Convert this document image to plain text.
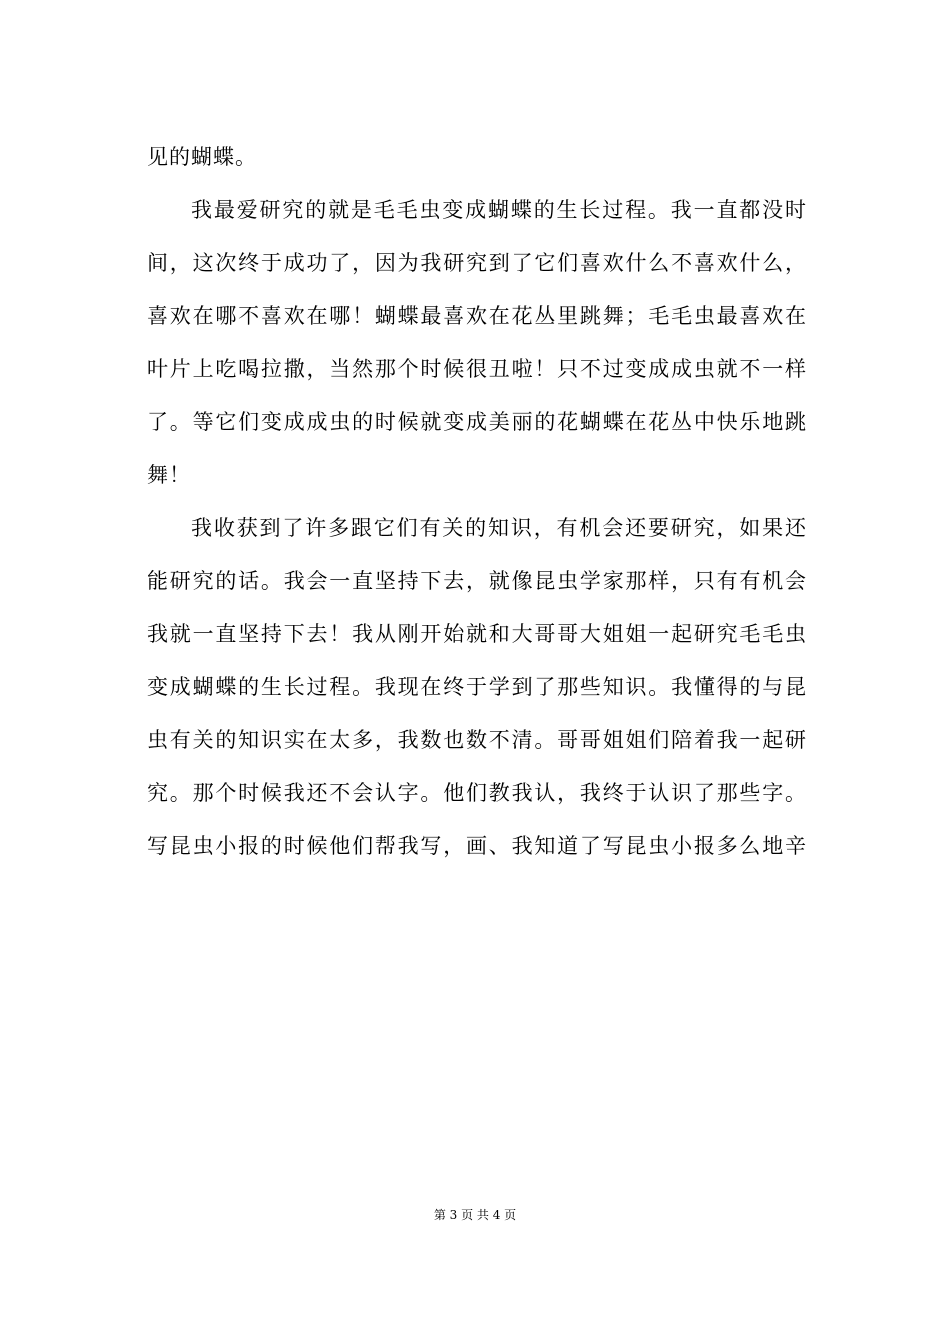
见的蝴蝶。
我最爱研究的就是毛毛虫变成蝴蝶的生长过程。我一直都没时
间，这次终于成功了，因为我研究到了它们喜欢什么不喜欢什么，
喜欢在哪不喜欢在哪！蝴蝶最喜欢在花丛里跳舞；毛毛虫最喜欢在
叶片上吃喝拉撒，当然那个时候很丑啦！只不过变成成虫就不一样
了。等它们变成成虫的时候就变成美丽的花蝴蝶在花丛中快乐地跳
舞！
我收获到了许多跟它们有关的知识，有机会还要研究，如果还
能研究的话。我会一直坚持下去，就像昆虫学家那样，只有有机会
我就一直坚持下去！我从刚开始就和大哥哥大姐姐一起研究毛毛虫
变成蝴蝶的生长过程。我现在终于学到了那些知识。我懂得的与昆
虫有关的知识实在太多，我数也数不清。哥哥姐姐们陪着我一起研
究。那个时候我还不会认字。他们教我认，我终于认识了那些字。
写昆虫小报的时候他们帮我写，画、我知道了写昆虫小报多么地辛
第 3 页 共 4 页
